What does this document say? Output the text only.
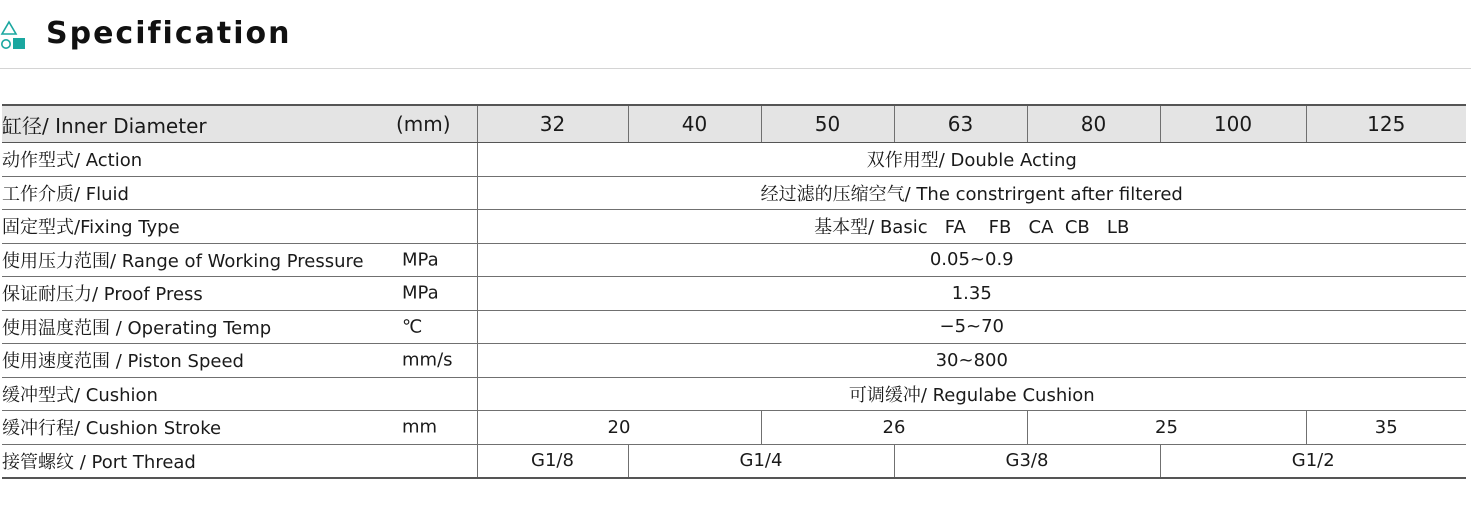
Specification
缸径/ Inner Diameter (mm)	32	40	50	63	80	100	125
动作型式/ Action	双作用型/ Double Acting						
工作介质/ Fluid	经过滤的压缩空气/ The constrirgent after filtered						
固定型式/Fixing Type	基本型/ Basic   FA    FB   CA  CB   LB						
使用压力范围/ Range of Working Pressure MPa	0.05~0.9						
保证耐压力/ Proof Press MPa	1.35						
使用温度范围 / Operating Temp ℃	−5~70						
使用速度范围 / Piston Speed mm/s	30~800						
缓冲型式/ Cushion	可调缓冲/ Regulabe Cushion						
缓冲行程/ Cushion Stroke mm	20		26		25		35
接管螺纹 / Port Thread	G1/8	G1/4		G3/8		G1/2	
